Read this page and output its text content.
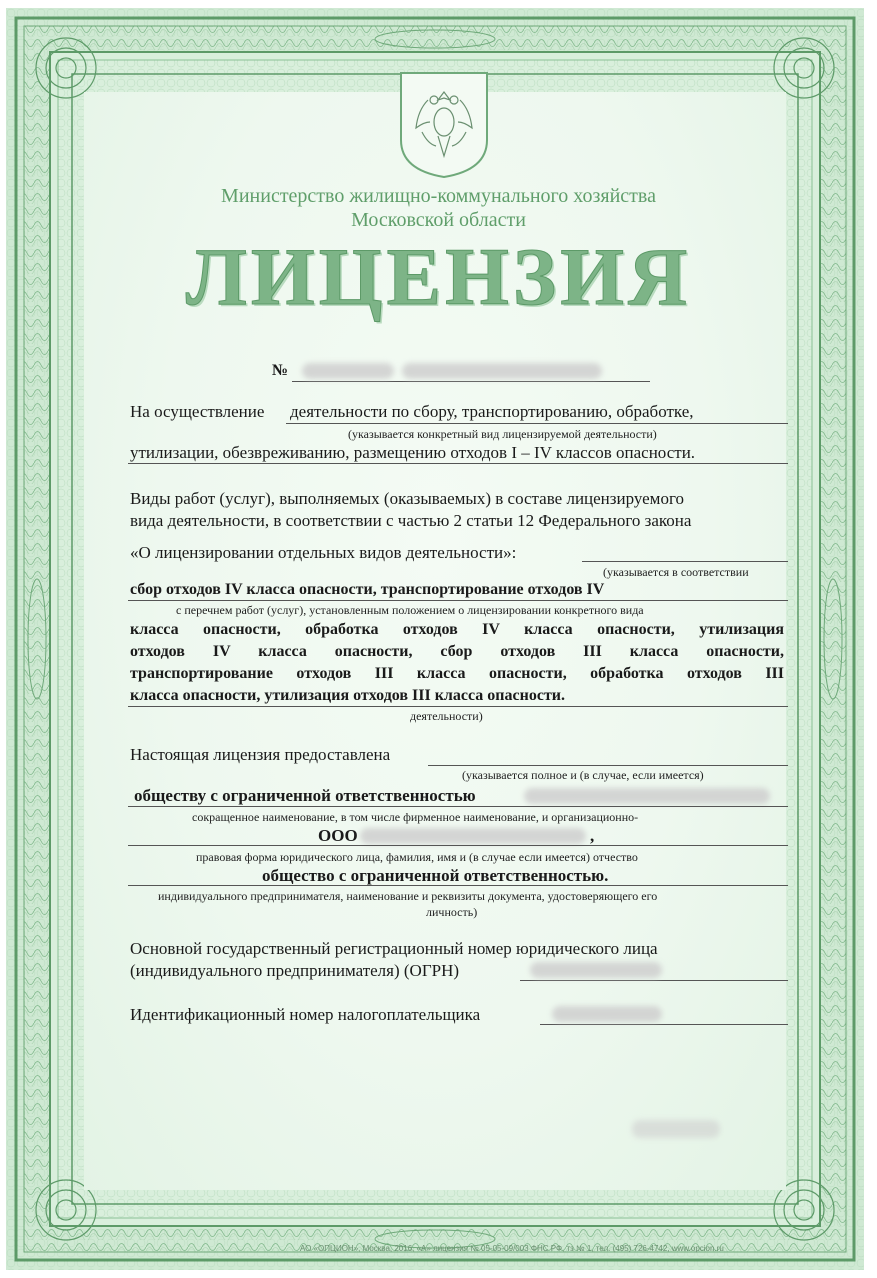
Министерство жилищно-коммунального хозяйства
Московской области
ЛИЦЕНЗИЯ
№
На осуществление деятельности по сбору, транспортированию, обработке,
(указывается конкретный вид лицензируемой деятельности)
утилизации, обезвреживанию, размещению отходов I – IV классов опасности.
Виды работ (услуг), выполняемых (оказываемых) в составе лицензируемого
вида деятельности, в соответствии с частью 2 статьи 12 Федерального закона
«О лицензировании отдельных видов деятельности»:
(указывается в соответствии
сбор отходов IV класса опасности, транспортирование отходов IV
с перечнем работ (услуг), установленным положением о лицензировании конкретного вида
класса опасности, обработка отходов IV класса опасности, утилизация
отходов IV класса опасности, сбор отходов III класса опасности,
транспортирование отходов III класса опасности, обработка отходов III
класса опасности, утилизация отходов III класса опасности.
деятельности)
Настоящая лицензия предоставлена
(указывается полное и (в случае, если имеется)
обществу с ограниченной ответственностью
сокращенное наименование, в том числе фирменное наименование, и организационно-
ООО	,
правовая форма юридического лица, фамилия, имя и (в случае если имеется) отчество
общество с ограниченной ответственностью.
индивидуального предпринимателя, наименование и реквизиты документа, удостоверяющего его
личность)
Основной государственный регистрационный номер юридического лица
(индивидуального предпринимателя) (ОГРН)
Идентификационный номер налогоплательщика
АО «ОПЦИОН», Москва, 2016, «А» лицензия № 05-05-09/003 ФНС РФ, тз № 1, тел. (495) 726-4742, www.opcion.ru
